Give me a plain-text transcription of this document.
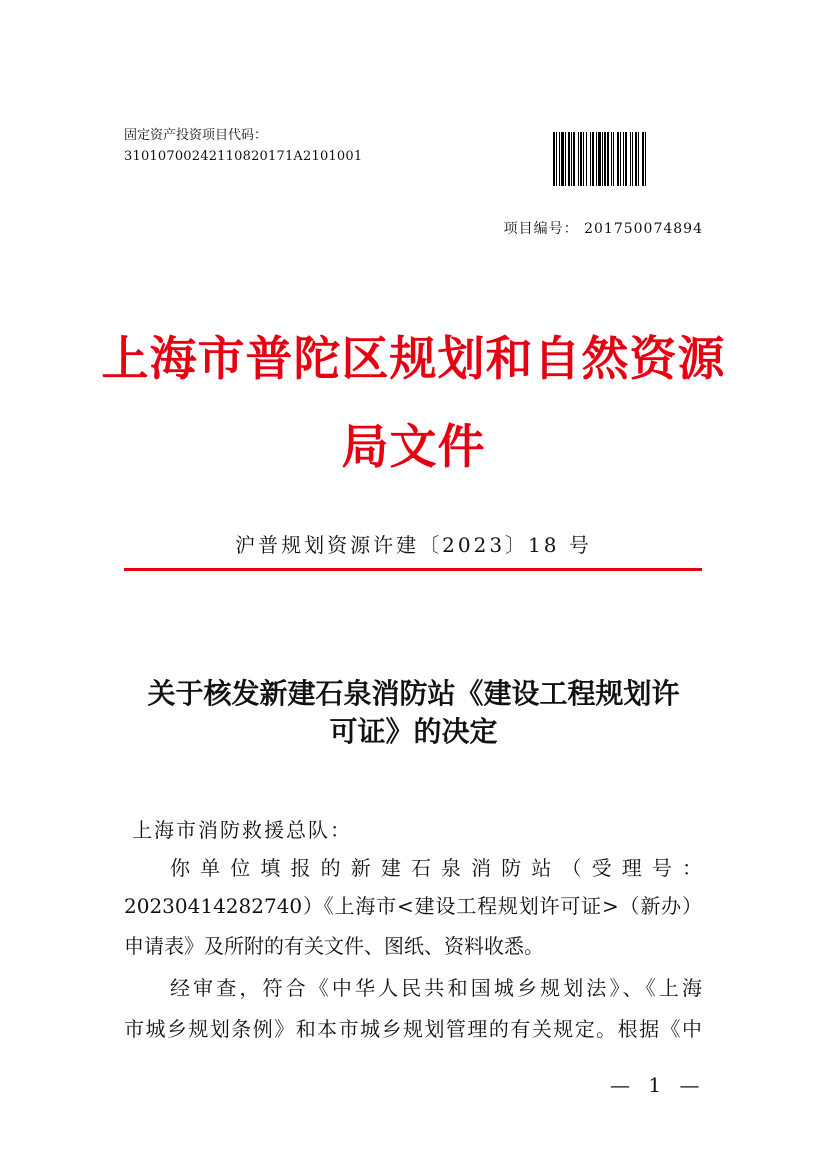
固定资产投资项目代码：
31010700242110820171A2101001
项目编号： 201750074894
上海市普陀区规划和自然资源
局文件
沪普规划资源许建〔2023〕18 号
关于核发新建石泉消防站《建设工程规划许
可证》的决定
上海市消防救援总队：
你单位填报的新建石泉消防站（受理号：
20230414282740）《上海市<建设工程规划许可证>（新办）
申请表》及所附的有关文件、图纸、资料收悉。
经审查，符合《中华人民共和国城乡规划法》、《上海
市城乡规划条例》和本市城乡规划管理的有关规定。根据《中
— 1 —
